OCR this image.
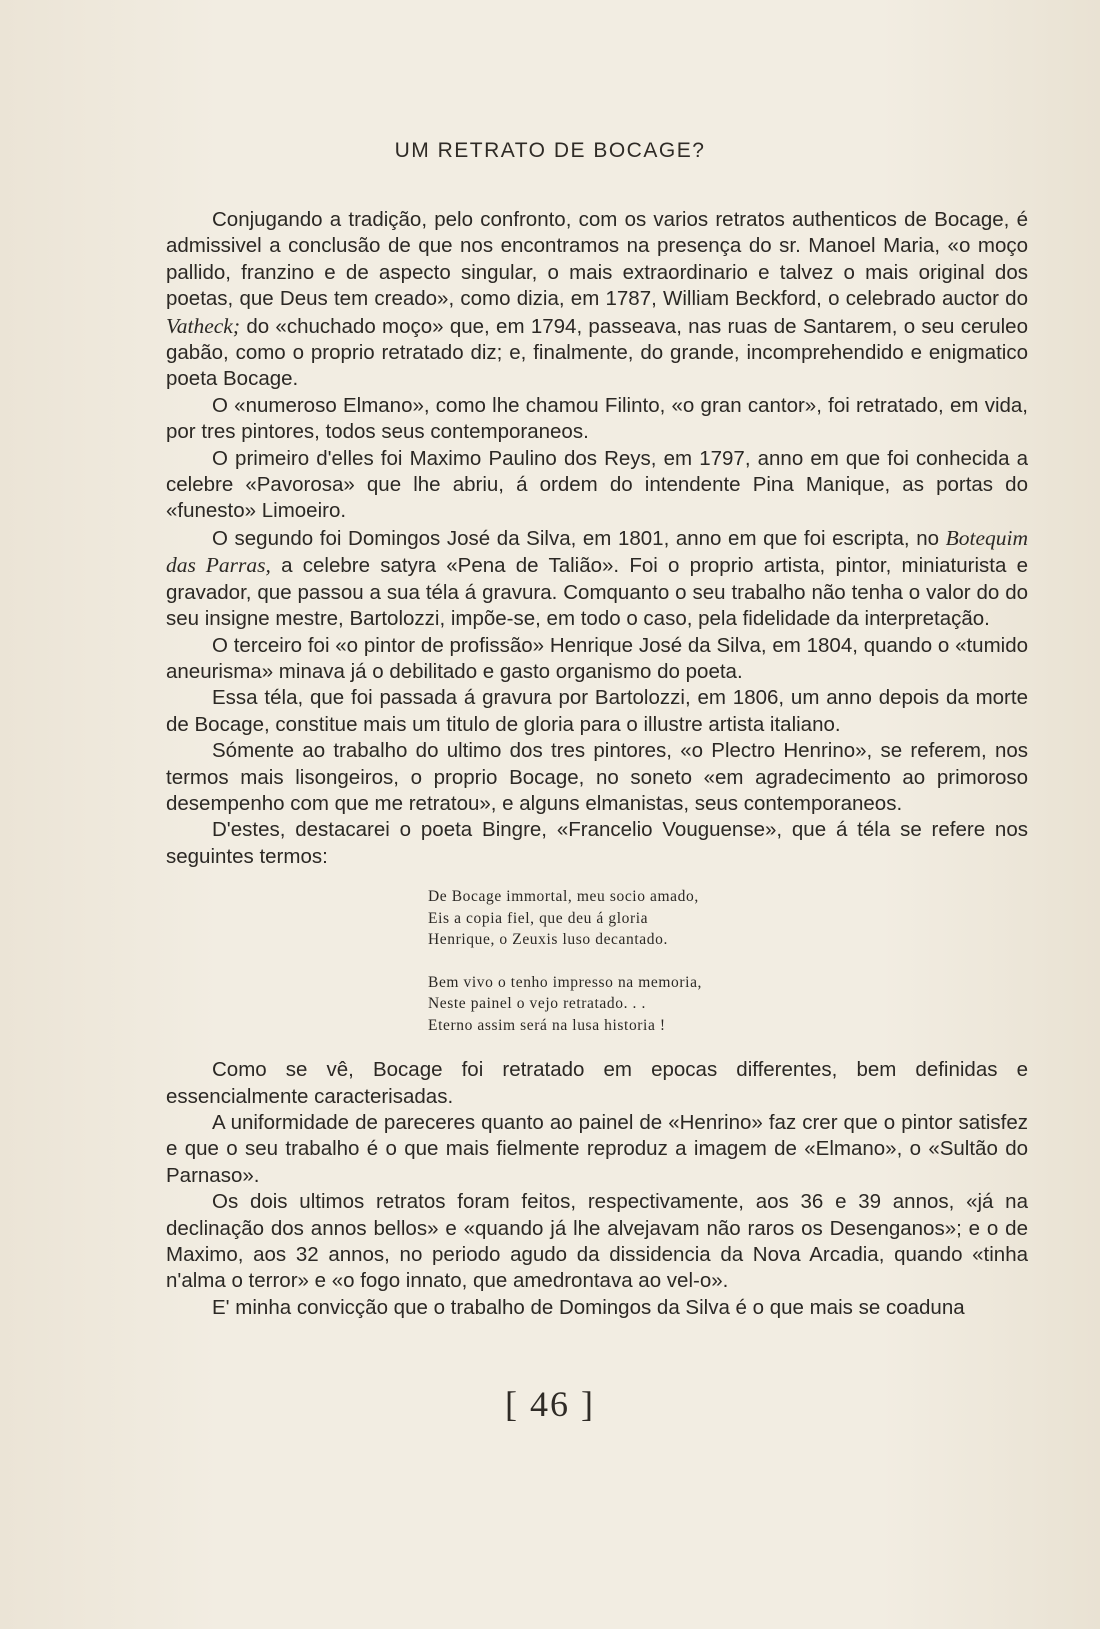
UM RETRATO DE BOCAGE?

Conjugando a tradição, pelo confronto, com os varios retratos authenticos de Bocage, é admissivel a conclusão de que nos encontramos na presença do sr. Manoel Maria, «o moço pallido, franzino e de aspecto singular, o mais extraordinario e talvez o mais original dos poetas, que Deus tem creado», como dizia, em 1787, William Beckford, o celebrado auctor do Vatheck; do «chuchado moço» que, em 1794, passeava, nas ruas de Santarem, o seu ceruleo gabão, como o proprio retratado diz; e, finalmente, do grande, incomprehendido e enigmatico poeta Bocage.

O «numeroso Elmano», como lhe chamou Filinto, «o gran cantor», foi retratado, em vida, por tres pintores, todos seus contemporaneos.

O primeiro d'elles foi Maximo Paulino dos Reys, em 1797, anno em que foi conhecida a celebre «Pavorosa» que lhe abriu, á ordem do intendente Pina Manique, as portas do «funesto» Limoeiro.

O segundo foi Domingos José da Silva, em 1801, anno em que foi escripta, no Botequim das Parras, a celebre satyra «Pena de Talião». Foi o proprio artista, pintor, miniaturista e gravador, que passou a sua téla á gravura. Comquanto o seu trabalho não tenha o valor do do seu insigne mestre, Bartolozzi, impõe-se, em todo o caso, pela fidelidade da interpretação.

O terceiro foi «o pintor de profissão» Henrique José da Silva, em 1804, quando o «tumido aneurisma» minava já o debilitado e gasto organismo do poeta.

Essa téla, que foi passada á gravura por Bartolozzi, em 1806, um anno depois da morte de Bocage, constitue mais um titulo de gloria para o illustre artista italiano.

Sómente ao trabalho do ultimo dos tres pintores, «o Plectro Henrino», se referem, nos termos mais lisongeiros, o proprio Bocage, no soneto «em agradecimento ao primoroso desempenho com que me retratou», e alguns elmanistas, seus contemporaneos.

D'estes, destacarei o poeta Bingre, «Francelio Vouguense», que á téla se refere nos seguintes termos:

De Bocage immortal, meu socio amado,
Eis a copia fiel, que deu á gloria
Henrique, o Zeuxis luso decantado.
Bem vivo o tenho impresso na memoria,
Neste painel o vejo retratado. . .
Eterno assim será na lusa historia !

Como se vê, Bocage foi retratado em epocas differentes, bem definidas e essencialmente caracterisadas.

A uniformidade de pareceres quanto ao painel de «Henrino» faz crer que o pintor satisfez e que o seu trabalho é o que mais fielmente reproduz a imagem de «Elmano», o «Sultão do Parnaso».

Os dois ultimos retratos foram feitos, respectivamente, aos 36 e 39 annos, «já na declinação dos annos bellos» e «quando já lhe alvejavam não raros os Desenganos»; e o de Maximo, aos 32 annos, no periodo agudo da dissidencia da Nova Arcadia, quando «tinha n'alma o terror» e «o fogo innato, que amedrontava ao vel-o».

E' minha convicção que o trabalho de Domingos da Silva é o que mais se coaduna

[ 46 ]
